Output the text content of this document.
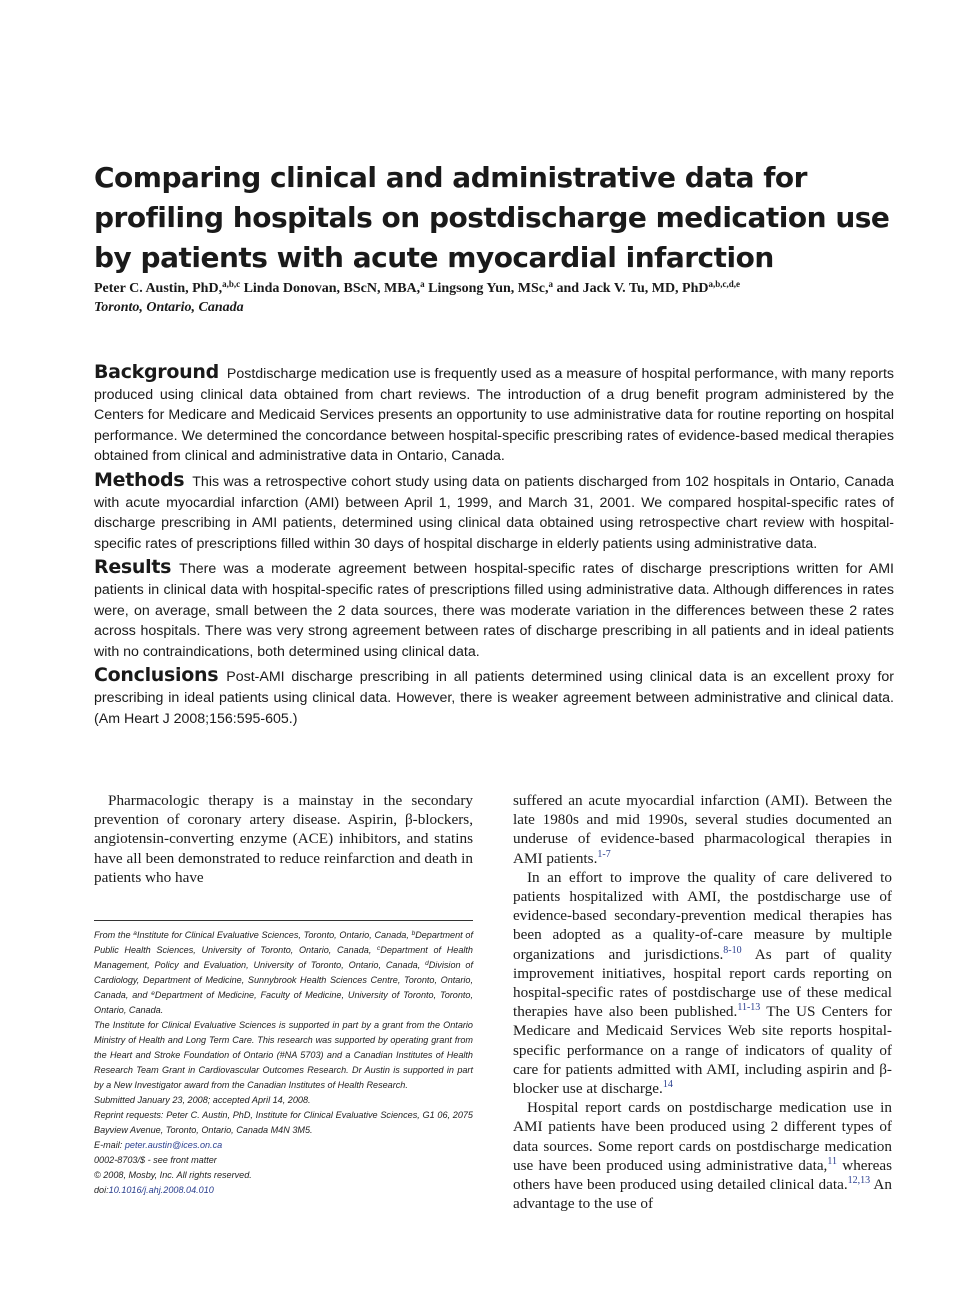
Comparing clinical and administrative data for profiling hospitals on postdischarge medication use by patients with acute myocardial infarction
Peter C. Austin, PhD,$^{a,b,c}$ Linda Donovan, BScN, MBA,$^a$ Lingsong Yun, MSc,$^a$ and Jack V. Tu, MD, PhD$^{a,b,c,d,e}$
Toronto, Ontario, Canada

Background Postdischarge medication use is frequently used as a measure of hospital performance, with many reports produced using clinical data obtained from chart reviews. The introduction of a drug benefit program administered by the Centers for Medicare and Medicaid Services presents an opportunity to use administrative data for routine reporting on hospital performance. We determined the concordance between hospital-specific prescribing rates of evidence-based medical therapies obtained from clinical and administrative data in Ontario, Canada.

Methods This was a retrospective cohort study using data on patients discharged from 102 hospitals in Ontario, Canada with acute myocardial infarction (AMI) between April 1, 1999, and March 31, 2001. We compared hospital-specific rates of discharge prescribing in AMI patients, determined using clinical data obtained using retrospective chart review with hospital-specific rates of prescriptions filled within 30 days of hospital discharge in elderly patients using administrative data.

Results There was a moderate agreement between hospital-specific rates of discharge prescriptions written for AMI patients in clinical data with hospital-specific rates of prescriptions filled using administrative data. Although differences in rates were, on average, small between the 2 data sources, there was moderate variation in the differences between these 2 rates across hospitals. There was very strong agreement between rates of discharge prescribing in all patients and in ideal patients with no contraindications, both determined using clinical data.

Conclusions Post-AMI discharge prescribing in all patients determined using clinical data is an excellent proxy for prescribing in ideal patients using clinical data. However, there is weaker agreement between administrative and clinical data. (Am Heart J 2008;156:595-605.)

Pharmacologic therapy is a mainstay in the secondary prevention of coronary artery disease. Aspirin, β-blockers, angiotensin-converting enzyme (ACE) inhibitors, and statins have all been demonstrated to reduce reinfarction and death in patients who have

From the $^a$Institute for Clinical Evaluative Sciences, Toronto, Ontario, Canada, $^b$Department of Public Health Sciences, University of Toronto, Ontario, Canada, $^c$Department of Health Management, Policy and Evaluation, University of Toronto, Ontario, Canada, $^d$Division of Cardiology, Department of Medicine, Sunnybrook Health Sciences Centre, Toronto, Ontario, Canada, and $^e$Department of Medicine, Faculty of Medicine, University of Toronto, Toronto, Ontario, Canada.

The Institute for Clinical Evaluative Sciences is supported in part by a grant from the Ontario Ministry of Health and Long Term Care. This research was supported by operating grant from the Heart and Stroke Foundation of Ontario (#NA 5703) and a Canadian Institutes of Health Research Team Grant in Cardiovascular Outcomes Research. Dr Austin is supported in part by a New Investigator award from the Canadian Institutes of Health Research.

Submitted January 23, 2008; accepted April 14, 2008.

Reprint requests: Peter C. Austin, PhD, Institute for Clinical Evaluative Sciences, G1 06, 2075 Bayview Avenue, Toronto, Ontario, Canada M4N 3M5.

E-mail: peter.austin@ices.on.ca

0002-8703/$ - see front matter

© 2008, Mosby, Inc. All rights reserved.

doi:10.1016/j.ahj.2008.04.010

suffered an acute myocardial infarction (AMI). Between the late 1980s and mid 1990s, several studies documented an underuse of evidence-based pharmacological therapies in AMI patients.$^{1-7}$

In an effort to improve the quality of care delivered to patients hospitalized with AMI, the postdischarge use of evidence-based secondary-prevention medical therapies has been adopted as a quality-of-care measure by multiple organizations and jurisdictions.$^{8-10}$ As part of quality improvement initiatives, hospital report cards reporting on hospital-specific rates of postdischarge use of these medical therapies have also been published.$^{11-13}$ The US Centers for Medicare and Medicaid Services Web site reports hospital-specific performance on a range of indicators of quality of care for patients admitted with AMI, including aspirin and β-blocker use at discharge.$^{14}$

Hospital report cards on postdischarge medication use in AMI patients have been produced using 2 different types of data sources. Some report cards on postdischarge medication use have been produced using administrative data,$^{11}$ whereas others have been produced using detailed clinical data.$^{12,13}$ An advantage to the use of
